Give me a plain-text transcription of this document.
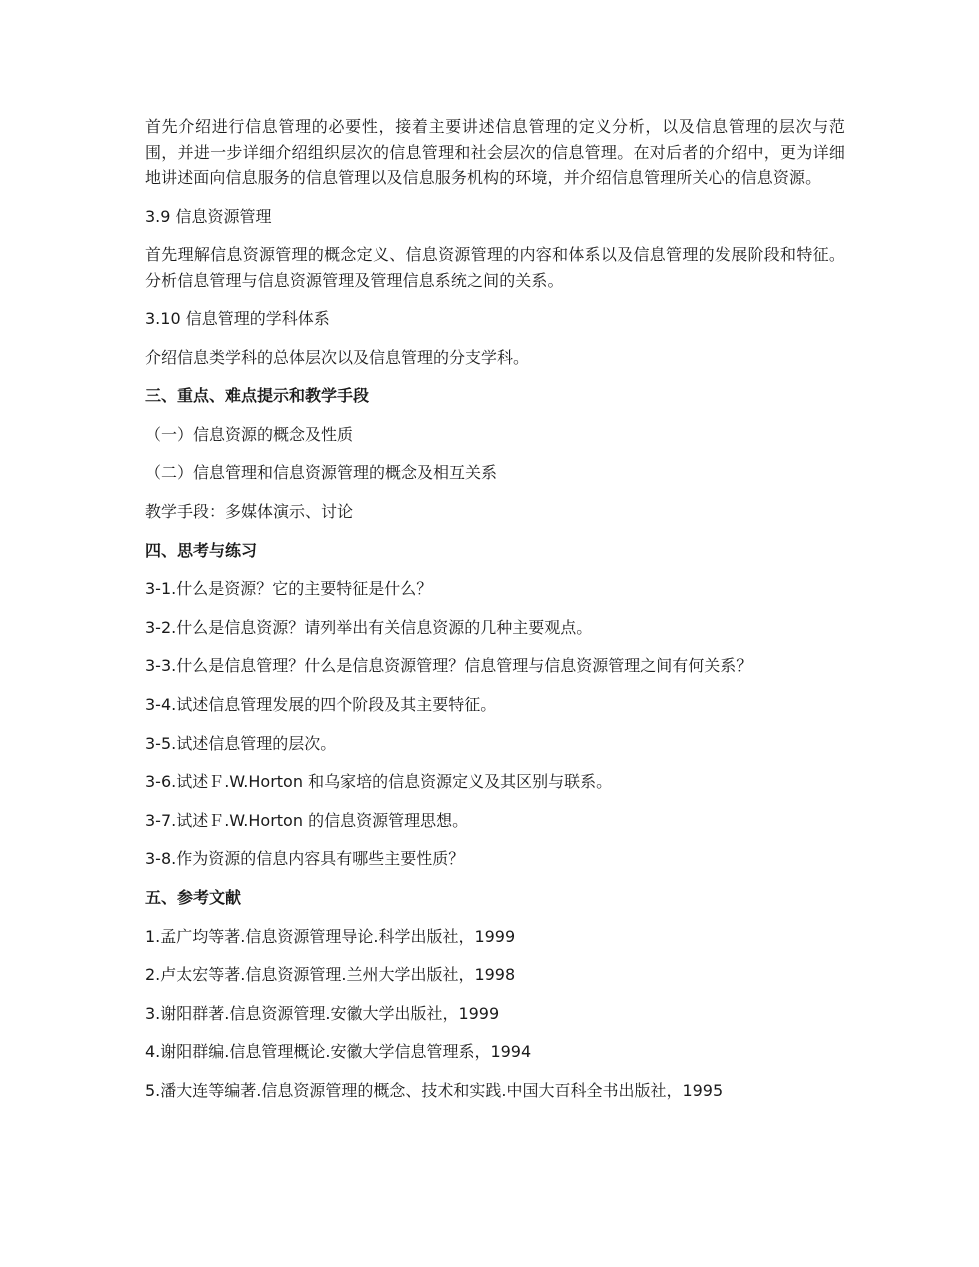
首先介绍进行信息管理的必要性，接着主要讲述信息管理的定义分析，以及信息管理的层次与范围，并进一步详细介绍组织层次的信息管理和社会层次的信息管理。在对后者的介绍中，更为详细地讲述面向信息服务的信息管理以及信息服务机构的环境，并介绍信息管理所关心的信息资源。

3.9 信息资源管理

首先理解信息资源管理的概念定义、信息资源管理的内容和体系以及信息管理的发展阶段和特征。分析信息管理与信息资源管理及管理信息系统之间的关系。

3.10 信息管理的学科体系
介绍信息类学科的总体层次以及信息管理的分支学科。
三、重点、难点提示和教学手段
（一）信息资源的概念及性质
（二）信息管理和信息资源管理的概念及相互关系
教学手段：多媒体演示、讨论
四、思考与练习
3-1.什么是资源？它的主要特征是什么？
3-2.什么是信息资源？请列举出有关信息资源的几种主要观点。
3-3.什么是信息管理？什么是信息资源管理？信息管理与信息资源管理之间有何关系？
3-4.试述信息管理发展的四个阶段及其主要特征。
3-5.试述信息管理的层次。
3-6.试述Ｆ.W.Horton 和乌家培的信息资源定义及其区别与联系。
3-7.试述Ｆ.W.Horton 的信息资源管理思想。
3-8.作为资源的信息内容具有哪些主要性质？
五、参考文献
1.孟广均等著.信息资源管理导论.科学出版社，1999
2.卢太宏等著.信息资源管理.兰州大学出版社，1998
3.谢阳群著.信息资源管理.安徽大学出版社，1999
4.谢阳群编.信息管理概论.安徽大学信息管理系，1994
5.潘大连等编著.信息资源管理的概念、技术和实践.中国大百科全书出版社，1995
